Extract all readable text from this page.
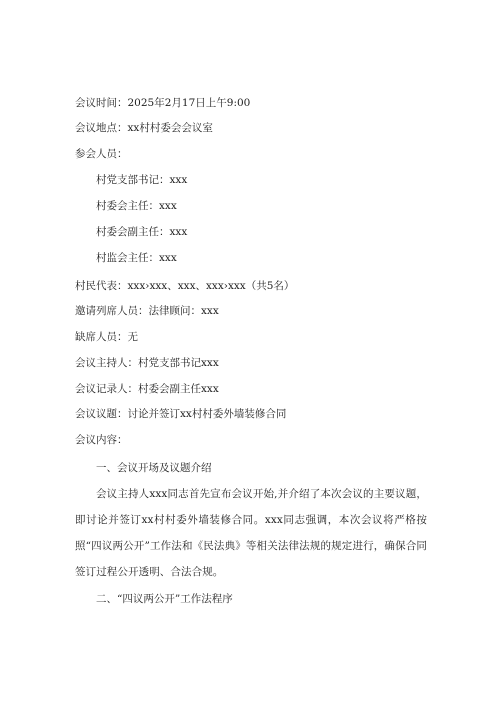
会议时间：2025年2月17日上午9:00
会议地点：xx村村委会会议室
参会人员：
村党支部书记：xxx
村委会主任：xxx
村委会副主任：xxx
村监会主任：xxx
村民代表：xxx›xxx、xxx、xxx›xxx（共5名）
邀请列席人员：法律顾问：xxx
缺席人员：无
会议主持人：村党支部书记xxx
会议记录人：村委会副主任xxx
会议议题：讨论并签订xx村村委外墙装修合同
会议内容：
一、会议开场及议题介绍
会议主持人xxx同志首先宣布会议开始,并介绍了本次会议的主要议题，即讨论并签订xx村村委外墙装修合同。xxx同志强调，本次会议将严格按照“四议两公开”工作法和《民法典》等相关法律法规的规定进行，确保合同签订过程公开透明、合法合规。
二、“四议两公开”工作法程序
